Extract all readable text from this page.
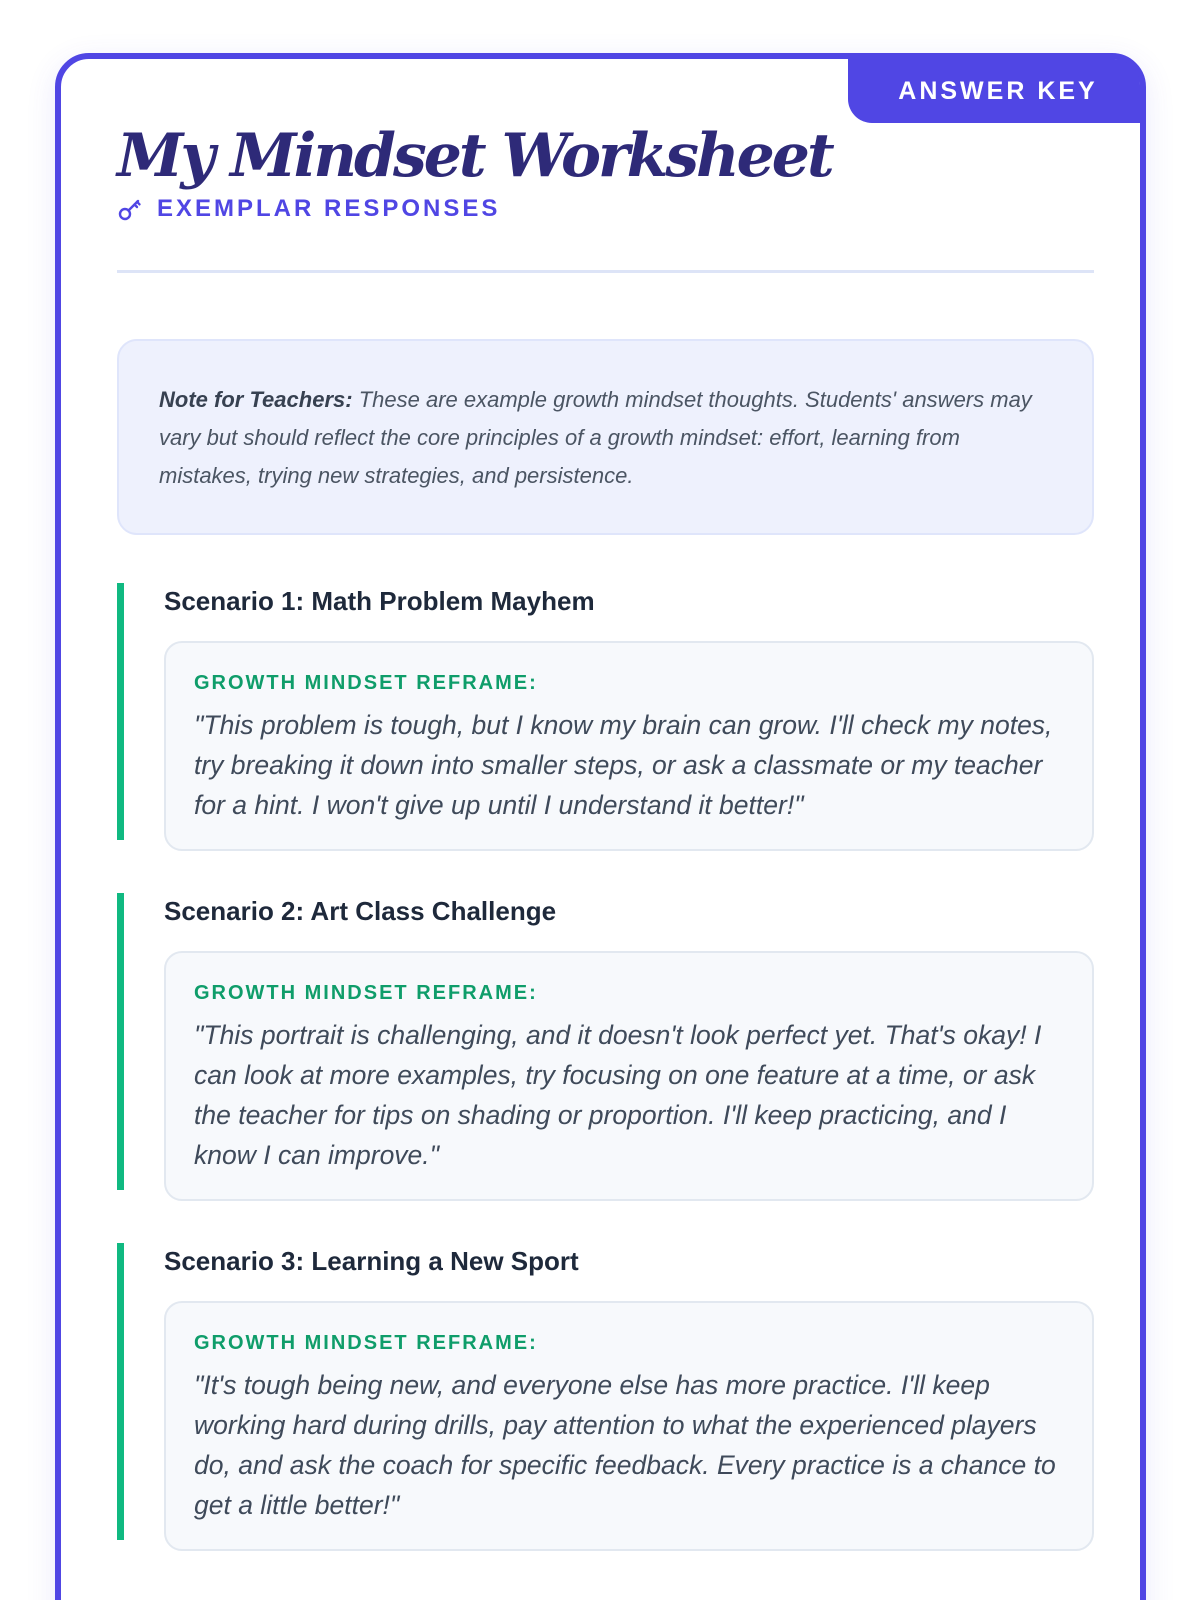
ANSWER KEY
My Mindset Worksheet
EXEMPLAR RESPONSES
Note for Teachers: These are example growth mindset thoughts. Students' answers may vary but should reflect the core principles of a growth mindset: effort, learning from mistakes, trying new strategies, and persistence.
Scenario 1: Math Problem Mayhem
GROWTH MINDSET REFRAME:
"This problem is tough, but I know my brain can grow. I'll check my notes, try breaking it down into smaller steps, or ask a classmate or my teacher for a hint. I won't give up until I understand it better!"
Scenario 2: Art Class Challenge
GROWTH MINDSET REFRAME:
"This portrait is challenging, and it doesn't look perfect yet. That's okay! I can look at more examples, try focusing on one feature at a time, or ask the teacher for tips on shading or proportion. I'll keep practicing, and I know I can improve."
Scenario 3: Learning a New Sport
GROWTH MINDSET REFRAME:
"It's tough being new, and everyone else has more practice. I'll keep working hard during drills, pay attention to what the experienced players do, and ask the coach for specific feedback. Every practice is a chance to get a little better!"
